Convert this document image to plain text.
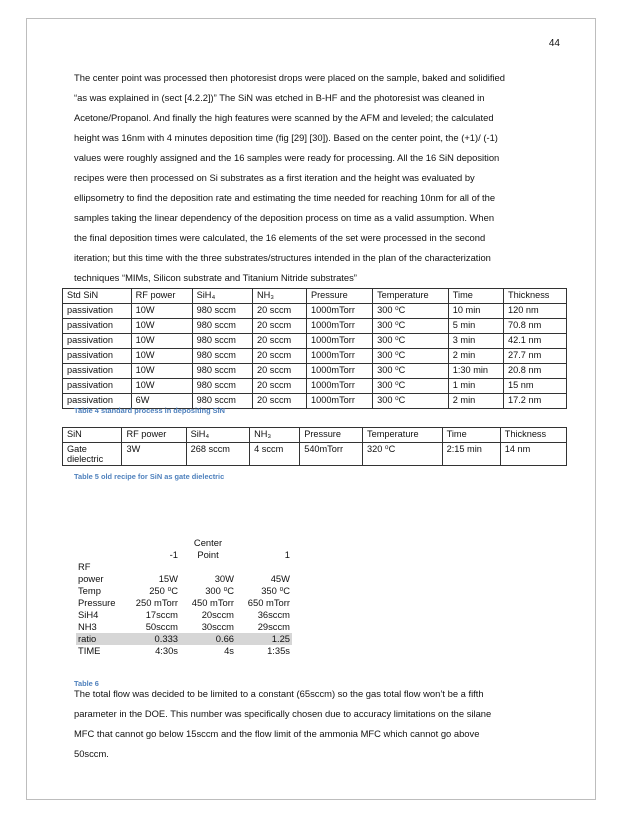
44
The center point was processed then photoresist drops were placed on the sample, baked and solidified
“as was explained in (sect [4.2.2])” The SiN was etched in B-HF and the photoresist was cleaned in
Acetone/Propanol. And finally the high features were scanned by the AFM and leveled; the calculated
height was 16nm with 4 minutes deposition time (fig [29] [30]). Based on the center point, the (+1)/ (-1)
values were roughly assigned and the 16 samples were ready for processing. All the 16 SiN deposition
recipes were then processed on Si substrates as a first iteration and the height was evaluated by
ellipsometry to find the deposition rate and estimating the time needed for reaching 10nm for all of the
samples taking the linear dependency of the deposition process on time as a valid assumption. When
the final deposition times were calculated, the 16 elements of the set were processed in the second
iteration; but this time with the three substrates/structures intended in the plan of the characterization
techniques “MIMs, Silicon substrate and Titanium Nitride substrates”
Std SiN	RF power	SiH₄	NH₃	Pressure	Temperature	Time	Thickness
passivation	10W	980 sccm	20 sccm	1000mTorr	300 ⁰C	10 min	120 nm
passivation	10W	980 sccm	20 sccm	1000mTorr	300 ⁰C	5 min	70.8 nm
passivation	10W	980 sccm	20 sccm	1000mTorr	300 ⁰C	3 min	42.1 nm
passivation	10W	980 sccm	20 sccm	1000mTorr	300 ⁰C	2 min	27.7 nm
passivation	10W	980 sccm	20 sccm	1000mTorr	300 ⁰C	1:30 min	20.8 nm
passivation	10W	980 sccm	20 sccm	1000mTorr	300 ⁰C	1 min	15 nm
passivation	6W	980 sccm	20 sccm	1000mTorr	300 ⁰C	2 min	17.2 nm
Table 4 standard process in depositing SiN
SiN	RF power	SiH₄	NH₃	Pressure	Temperature	Time	Thickness

Gate
dielectric	3W	268 sccm	4 sccm	540mTorr	320 ⁰C	2:15 min	14 nm
Table 5 old recipe for SiN as gate dielectric
		Center	
	-1	Point	1
RF			
power	15W	30W	45W
Temp	250 ⁰C	300 ⁰C	350 ⁰C
Pressure	250 mTorr	450 mTorr	650 mTorr
SiH4	17sccm	20sccm	36sccm
NH3	50sccm	30sccm	29sccm
ratio	0.333	0.66	1.25
TIME	4:30s	4s	1:35s
Table 6
The total flow was decided to be limited to a constant (65sccm) so the gas total flow won’t be a fifth
parameter in the DOE. This number was specifically chosen due to accuracy limitations on the silane
MFC that cannot go below 15sccm and the flow limit of the ammonia MFC which cannot go above
50sccm.
